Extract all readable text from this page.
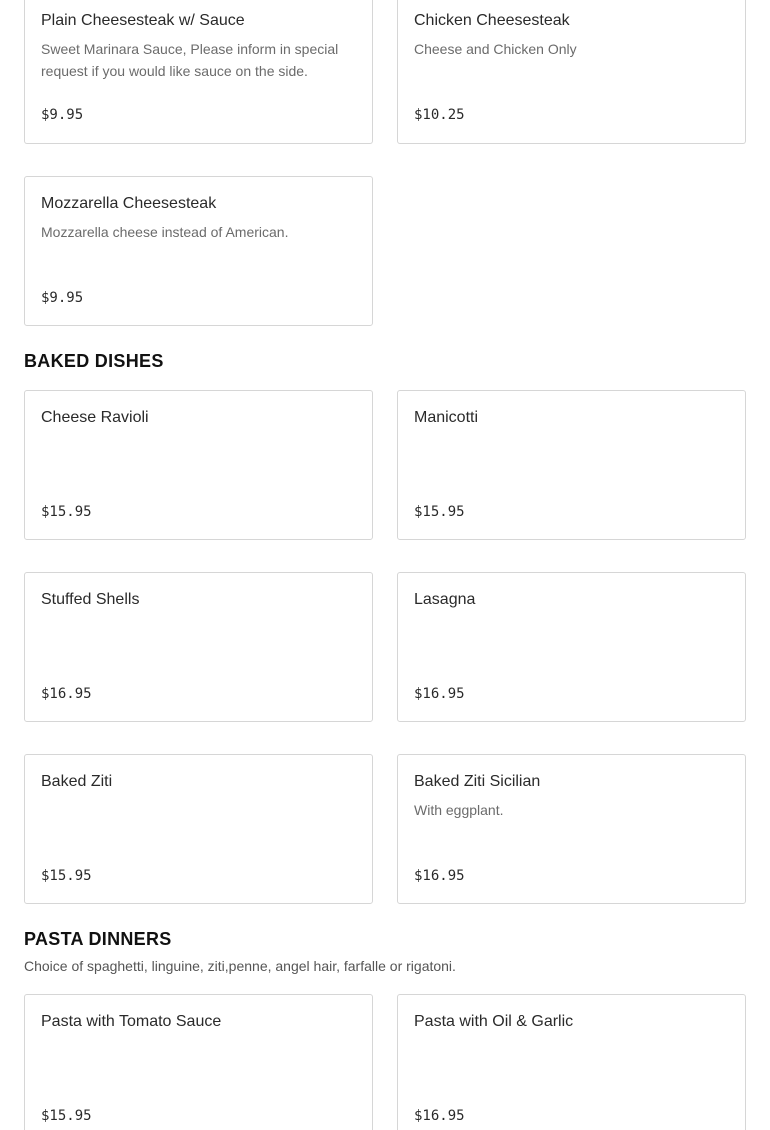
Plain Cheesesteak w/ Sauce
Sweet Marinara Sauce, Please inform in special request if you would like sauce on the side.
$9.95
Chicken Cheesesteak
Cheese and Chicken Only
$10.25
Mozzarella Cheesesteak
Mozzarella cheese instead of American.
$9.95
BAKED DISHES
Cheese Ravioli
$15.95
Manicotti
$15.95
Stuffed Shells
$16.95
Lasagna
$16.95
Baked Ziti
$15.95
Baked Ziti Sicilian
With eggplant.
$16.95
PASTA DINNERS
Choice of spaghetti, linguine, ziti,penne, angel hair, farfalle or rigatoni.
Pasta with Tomato Sauce
$15.95
Pasta with Oil & Garlic
$16.95
